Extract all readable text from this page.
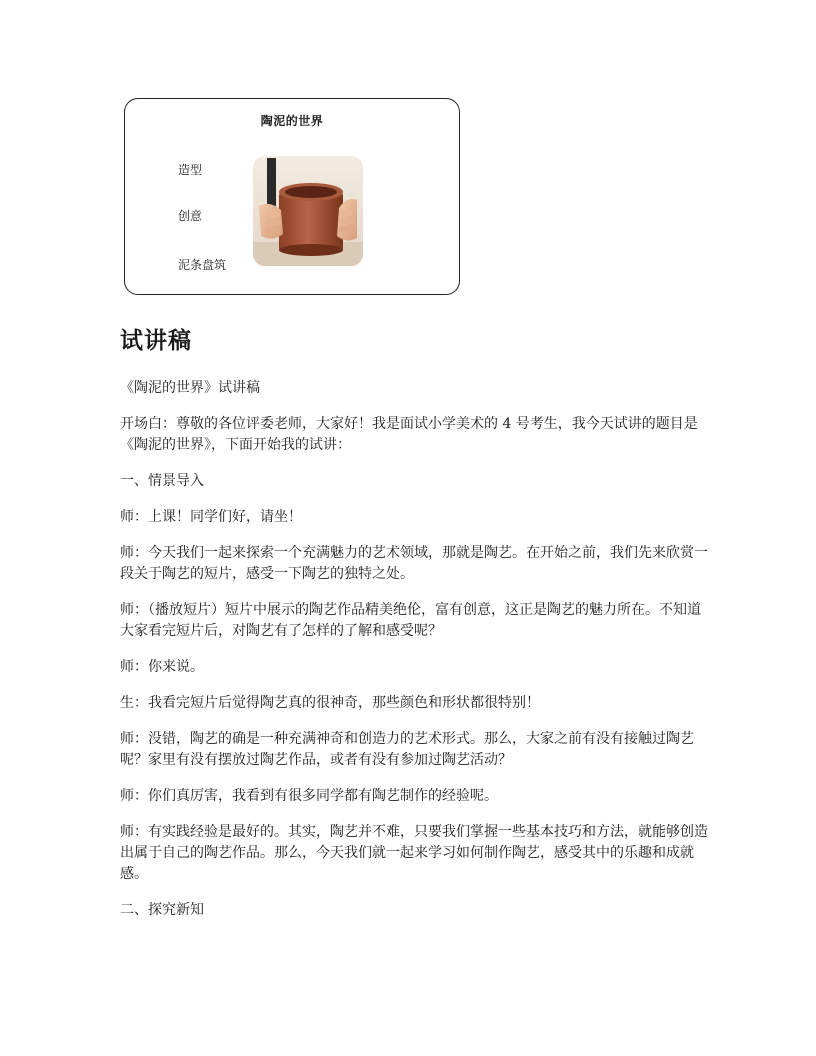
陶泥的世界
造型
创意
泥条盘筑
试讲稿

《陶泥的世界》试讲稿

开场白：尊敬的各位评委老师，大家好！我是面试小学美术的 4 号考生，我今天试讲的题目是《陶泥的世界》，下面开始我的试讲：

一、情景导入

师：上课！同学们好，请坐！

师：今天我们一起来探索一个充满魅力的艺术领域，那就是陶艺。在开始之前，我们先来欣赏一段关于陶艺的短片，感受一下陶艺的独特之处。

师：（播放短片）短片中展示的陶艺作品精美绝伦，富有创意，这正是陶艺的魅力所在。不知道大家看完短片后，对陶艺有了怎样的了解和感受呢？

师：你来说。

生：我看完短片后觉得陶艺真的很神奇，那些颜色和形状都很特别！

师：没错，陶艺的确是一种充满神奇和创造力的艺术形式。那么，大家之前有没有接触过陶艺呢？家里有没有摆放过陶艺作品，或者有没有参加过陶艺活动？

师：你们真厉害，我看到有很多同学都有陶艺制作的经验呢。

师：有实践经验是最好的。其实，陶艺并不难，只要我们掌握一些基本技巧和方法，就能够创造出属于自己的陶艺作品。那么，今天我们就一起来学习如何制作陶艺，感受其中的乐趣和成就感。

二、探究新知
